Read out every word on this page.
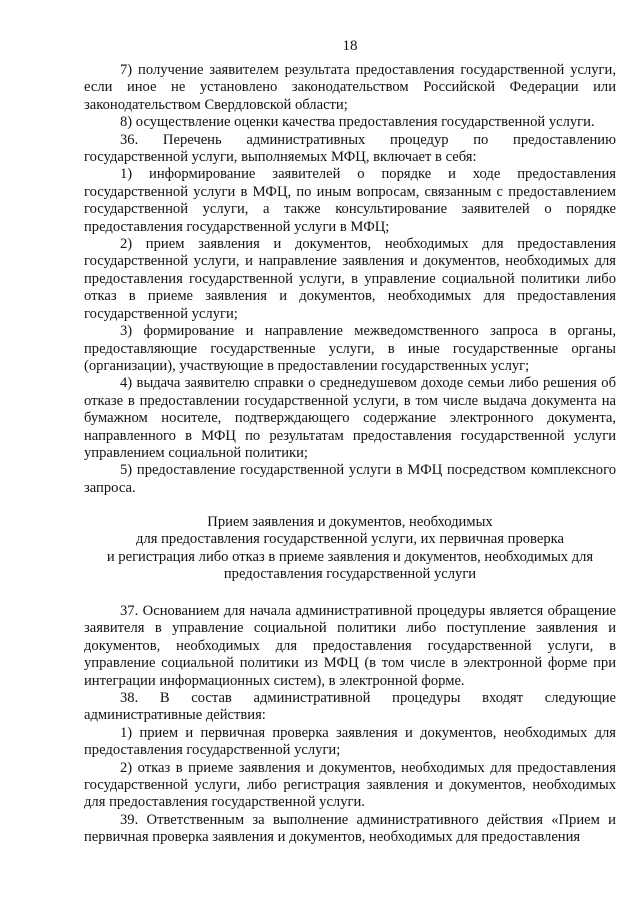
18

7) получение заявителем результата предоставления государственной услуги, если иное не установлено законодательством Российской Федерации или законодательством Свердловской области;

8) осуществление оценки качества предоставления государственной услуги.

36. Перечень административных процедур по предоставлению государственной услуги, выполняемых МФЦ, включает в себя:

1) информирование заявителей о порядке и ходе предоставления государственной услуги в МФЦ, по иным вопросам, связанным с предоставлением государственной услуги, а также консультирование заявителей о порядке предоставления государственной услуги в МФЦ;

2) прием заявления и документов, необходимых для предоставления государственной услуги, и направление заявления и документов, необходимых для предоставления государственной услуги, в управление социальной политики либо отказ в приеме заявления и документов, необходимых для предоставления государственной услуги;

3) формирование и направление межведомственного запроса в органы, предоставляющие государственные услуги, в иные государственные органы (организации), участвующие в предоставлении государственных услуг;

4) выдача заявителю справки о среднедушевом доходе семьи либо решения об отказе в предоставлении государственной услуги, в том числе выдача документа на бумажном носителе, подтверждающего содержание электронного документа, направленного в МФЦ по результатам предоставления государственной услуги управлением социальной политики;

5) предоставление государственной услуги в МФЦ посредством комплексного запроса.

Прием заявления и документов, необходимых
для предоставления государственной услуги, их первичная проверка
и регистрация либо отказ в приеме заявления и документов, необходимых для
предоставления государственной услуги

37. Основанием для начала административной процедуры является обращение заявителя в управление социальной политики либо поступление заявления и документов, необходимых для предоставления государственной услуги, в управление социальной политики из МФЦ (в том числе в электронной форме при интеграции информационных систем), в электронной форме.

38. В состав административной процедуры входят следующие административные действия:

1) прием и первичная проверка заявления и документов, необходимых для предоставления государственной услуги;

2) отказ в приеме заявления и документов, необходимых для предоставления государственной услуги, либо регистрация заявления и документов, необходимых для предоставления государственной услуги.

39. Ответственным за выполнение административного действия «Прием и первичная проверка заявления и документов, необходимых для предоставления
